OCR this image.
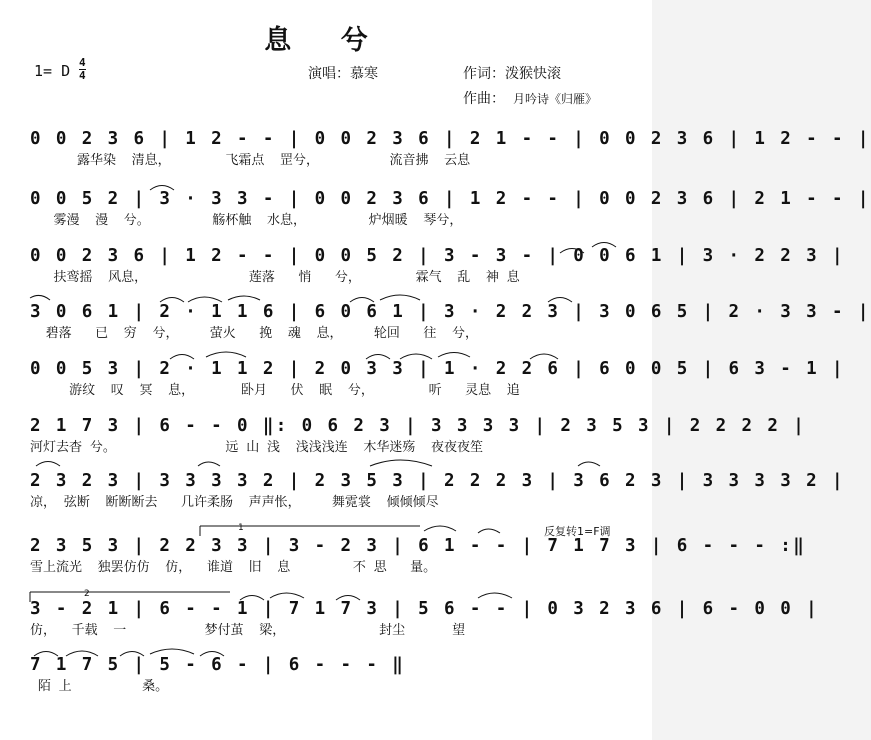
息 兮
1= D 4
4	演唱：慕寒	作词：泼猴快滚
作曲： 月吟诗《归雁》
0 0 2 3 6 | 1 2 - - | 0 0 2 3 6 | 2 1 - - | 0 0 2 3 6 | 1 2 - - |
露华染  清息，       飞霜点  罡兮，         流音拂  云息
0 0 5 2 | 3 · 3 3 - | 0 0 2 3 6 | 1 2 - - | 0 0 2 3 6 | 2 1 - - |
雾漫  漫  兮。        觞杯触  水息，        炉烟暖  琴兮，
0 0 2 3 6 | 1 2 - - | 0 0 5 2 | 3 - 3 - | 0 0 6 1 | 3 · 2 2 3 |
扶鸾摇  风息，             莲落   悄   兮，       霖气  乱  神 息
3 0 6 1 | 2 · 1 1 6 | 6 0 6 1 | 3 · 2 2 3 | 3 0 6 5 | 2 · 3 3 - |
碧落   已  穷  兮，    萤火   挽  魂  息，    轮回   往  兮，
0 0 5 3 | 2 · 1 1 2 | 2 0 3 3 | 1 · 2 2 6 | 6 0 0 5 | 6 3 - 1 |
游纹  叹  冥  息，      卧月   伏  眠  兮，       听   灵息  追
2 1 7 3 | 6 - - 0 ‖: 0 6 2 3 | 3 3 3 3 | 2 3 5 3 | 2 2 2 2 |
河灯去杳 兮。              远 山 浅  浅浅浅连  木华迷殇  夜夜夜笙
2 3 2 3 | 3 3 3 3 2 | 2 3 5 3 | 2 2 2 3 | 3 6 2 3 | 3 3 3 3 2 |
凉， 弦断  断断断去   几许柔肠  声声怅，    舞霓裳  倾倾倾尽
2 3 5 3 | 2 2 3 3 | 3 - 2 3 | 6 1 - - | 7 1 7 3 | 6 - - - :‖
雪上流光  独罢仿仿  仿，  谁道  旧  息        不 思   量。
3 - 2 1 | 6 - - 1 | 7 1 7 3 | 5 6 - - | 0 3 2 3 6 | 6 - 0 0 |
仿，  千载  一          梦付茧  梁，            封尘      望
7 1 7 5 | 5 - 6 - | 6 - - - ‖
陌 上         桑。
反复转1=F调
1
2
